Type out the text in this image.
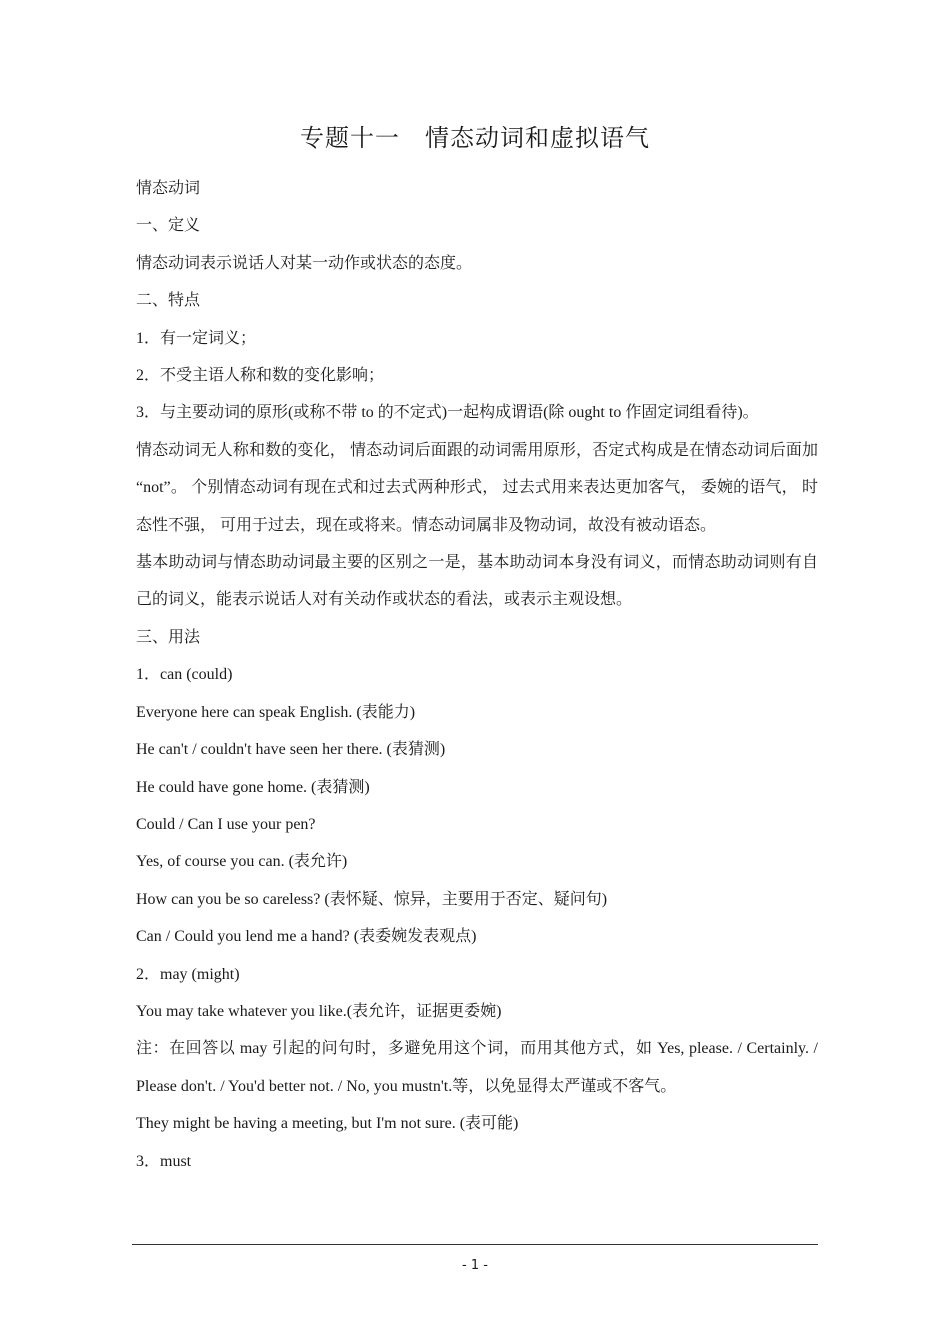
专题十一　情态动词和虚拟语气
情态动词
一、定义
情态动词表示说话人对某一动作或状态的态度。
二、特点
1．有一定词义；
2．不受主语人称和数的变化影响；
3．与主要动词的原形(或称不带 to 的不定式)一起构成谓语(除 ought to 作固定词组看待)。
情态动词无人称和数的变化， 情态动词后面跟的动词需用原形，否定式构成是在情态动词后面加 “not”。 个别情态动词有现在式和过去式两种形式， 过去式用来表达更加客气， 委婉的语气， 时态性不强， 可用于过去，现在或将来。情态动词属非及物动词，故没有被动语态。
基本助动词与情态助动词最主要的区别之一是，基本助动词本身没有词义，而情态助动词则有自己的词义，能表示说话人对有关动作或状态的看法，或表示主观设想。
三、用法
1．can (could)
Everyone here can speak English. (表能力)
He can't / couldn't have seen her there. (表猜测)
He could have gone home. (表猜测)
Could / Can I use your pen?
Yes, of course you can. (表允许)
How can you be so careless? (表怀疑、惊异，主要用于否定、疑问句)
Can / Could you lend me a hand? (表委婉发表观点)
2．may (might)
You may take whatever you like.(表允许，证据更委婉)
注：在回答以 may 引起的问句时，多避免用这个词，而用其他方式，如 Yes, please. / Certainly. / Please don't. / You'd better not. / No, you mustn't.等，以免显得太严谨或不客气。
They might be having a meeting, but I'm not sure. (表可能)
3．must
- 1 -
